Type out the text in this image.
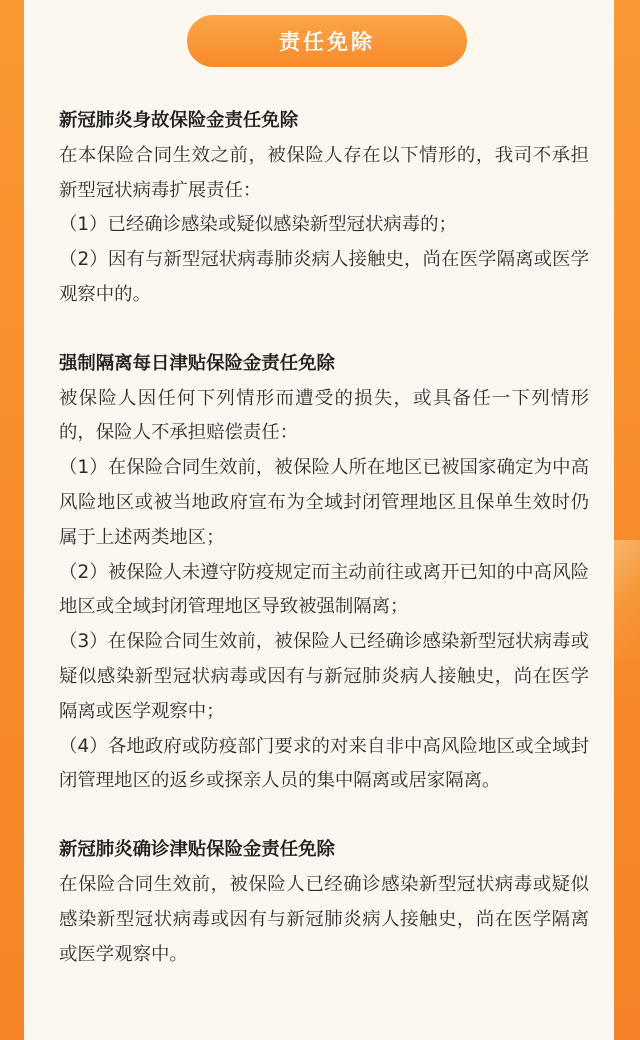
责任免除
新冠肺炎身故保险金责任免除

在本保险合同生效之前，被保险人存在以下情形的，我司不承担新型冠状病毒扩展责任：

（1）已经确诊感染或疑似感染新型冠状病毒的；

（2）因有与新型冠状病毒肺炎病人接触史，尚在医学隔离或医学观察中的。

强制隔离每日津贴保险金责任免除

被保险人因任何下列情形而遭受的损失，或具备任一下列情形的，保险人不承担赔偿责任：

（1）在保险合同生效前，被保险人所在地区已被国家确定为中高风险地区或被当地政府宣布为全域封闭管理地区且保单生效时仍属于上述两类地区；

（2）被保险人未遵守防疫规定而主动前往或离开已知的中高风险地区或全域封闭管理地区导致被强制隔离；

（3）在保险合同生效前，被保险人已经确诊感染新型冠状病毒或疑似感染新型冠状病毒或因有与新冠肺炎病人接触史，尚在医学隔离或医学观察中；

（4）各地政府或防疫部门要求的对来自非中高风险地区或全域封闭管理地区的返乡或探亲人员的集中隔离或居家隔离。

新冠肺炎确诊津贴保险金责任免除

在保险合同生效前，被保险人已经确诊感染新型冠状病毒或疑似感染新型冠状病毒或因有与新冠肺炎病人接触史，尚在医学隔离或医学观察中。
